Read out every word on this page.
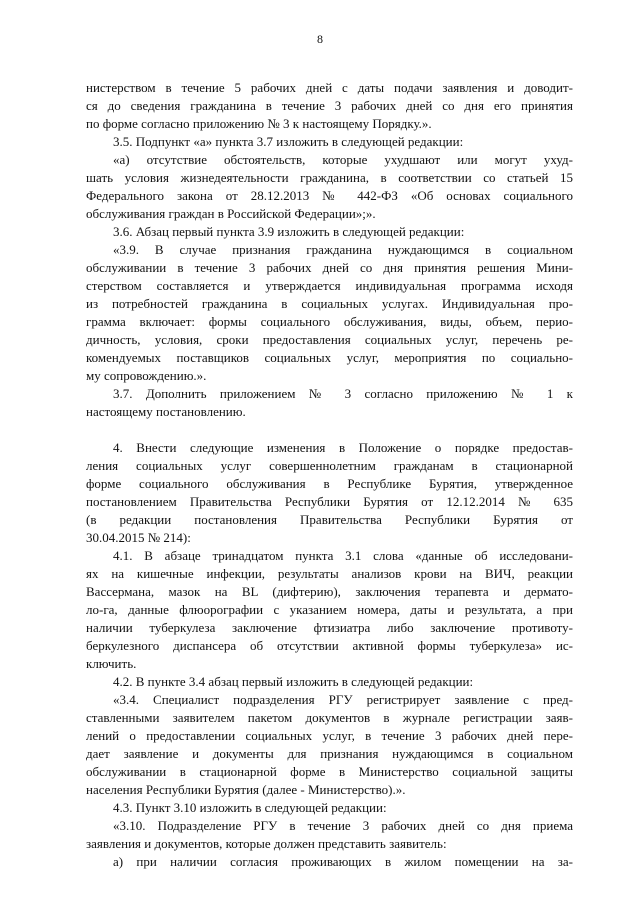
8
нистерством в течение 5 рабочих дней с даты подачи заявления и доводит-
ся до сведения гражданина в течение 3 рабочих дней со дня его принятия
по форме согласно приложению № 3 к настоящему Порядку.».
3.5. Подпункт «а» пункта 3.7 изложить в следующей редакции:
«а) отсутствие обстоятельств, которые ухудшают или могут ухуд-
шать условия жизнедеятельности гражданина, в соответствии со статьей 15
Федерального закона от 28.12.2013 № 442-ФЗ «Об основах социального
обслуживания граждан в Российской Федерации»;».
3.6. Абзац первый пункта 3.9 изложить в следующей редакции:
«3.9. В случае признания гражданина нуждающимся в социальном
обслуживании в течение 3 рабочих дней со дня принятия решения Мини-
стерством составляется и утверждается индивидуальная программа исходя
из потребностей гражданина в социальных услугах. Индивидуальная про-
грамма включает: формы социального обслуживания, виды, объем, перио-
дичность, условия, сроки предоставления социальных услуг, перечень ре-
комендуемых поставщиков социальных услуг, мероприятия по социально-
му сопровождению.».
3.7. Дополнить приложением № 3 согласно приложению № 1 к
настоящему постановлению.
4. Внести следующие изменения в Положение о порядке предостав-
ления социальных услуг совершеннолетним гражданам в стационарной
форме социального обслуживания в Республике Бурятия, утвержденное
постановлением Правительства Республики Бурятия от 12.12.2014 № 635
(в редакции постановления Правительства Республики Бурятия от
30.04.2015 № 214):
4.1. В абзаце тринадцатом пункта 3.1 слова «данные об исследовани-
ях на кишечные инфекции, результаты анализов крови на ВИЧ, реакции
Вассермана, мазок на BL (дифтерию), заключения терапевта и дермато-
ло-га, данные флюорографии с указанием номера, даты и результата, а при
наличии туберкулеза заключение фтизиатра либо заключение противоту-
беркулезного диспансера об отсутствии активной формы туберкулеза» ис-
ключить.
4.2. В пункте 3.4 абзац первый изложить в следующей редакции:
«3.4. Специалист подразделения РГУ регистрирует заявление с пред-
ставленными заявителем пакетом документов в журнале регистрации заяв-
лений о предоставлении социальных услуг, в течение 3 рабочих дней пере-
дает заявление и документы для признания нуждающимся в социальном
обслуживании в стационарной форме в Министерство социальной защиты
населения Республики Бурятия (далее - Министерство).».
4.3. Пункт 3.10 изложить в следующей редакции:
«3.10. Подразделение РГУ в течение 3 рабочих дней со дня приема
заявления и документов, которые должен представить заявитель:
а) при наличии согласия проживающих в жилом помещении на за-
